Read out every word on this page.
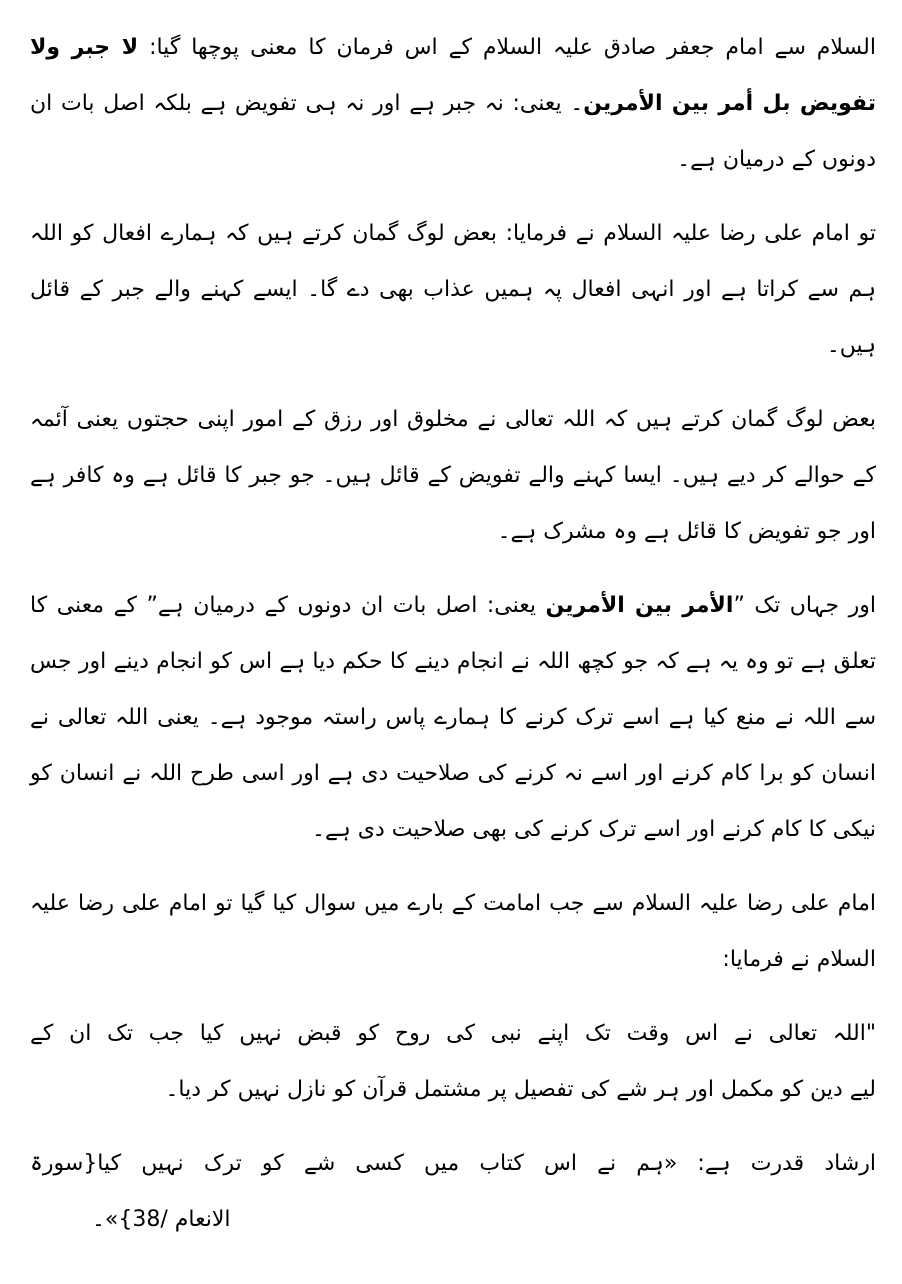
السلام سے امام جعفر صادق علیہ السلام کے اس فرمان کا معنی پوچھا گیا: لا جبر ولا تفويض بل أمر بين الأمرين۔ یعنی: نہ جبر ہے اور نہ ہی تفویض ہے بلکہ اصل بات ان دونوں کے درمیان ہے۔

تو امام علی رضا علیہ السلام نے فرمایا: بعض لوگ گمان کرتے ہیں کہ ہمارے افعال کو اللہ ہم سے کراتا ہے اور انہی افعال پہ ہمیں عذاب بھی دے گا۔ ایسے کہنے والے جبر کے قائل ہیں۔

بعض لوگ گمان کرتے ہیں کہ اللہ تعالی نے مخلوق اور رزق کے امور اپنی حجتوں یعنی آئمہ کے حوالے کر دیے ہیں۔ ایسا کہنے والے تفویض کے قائل ہیں۔ جو جبر کا قائل ہے وہ کافر ہے اور جو تفویض کا قائل ہے وہ مشرک ہے۔

اور جہاں تک ”الأمر بين الأمرين یعنی: اصل بات ان دونوں کے درمیان ہے” کے معنی کا تعلق ہے تو وہ یہ ہے کہ جو کچھ اللہ نے انجام دینے کا حکم دیا ہے اس کو انجام دینے اور جس سے اللہ نے منع کیا ہے اسے ترک کرنے کا ہمارے پاس راستہ موجود ہے۔ یعنی اللہ تعالی نے انسان کو برا کام کرنے اور اسے نہ کرنے کی صلاحیت دی ہے اور اسی طرح اللہ نے انسان کو نیکی کا کام کرنے اور اسے ترک کرنے کی بھی صلاحیت دی ہے۔

امام علی رضا علیہ السلام سے جب امامت کے بارے میں سوال کیا گیا تو امام علی رضا علیہ السلام نے فرمایا:

"اللہ تعالی نے اس وقت تک اپنے نبی کی روح کو قبض نہیں کیا جب تک ان کے
لیے دین کو مکمل اور ہر شے کی تفصیل پر مشتمل قرآن کو نازل نہیں کر دیا۔
ارشاد قدرت ہے: «ہم نے اس کتاب میں کسی شے کو ترک نہیں کیا{سورۃ
الانعام /38}»۔
